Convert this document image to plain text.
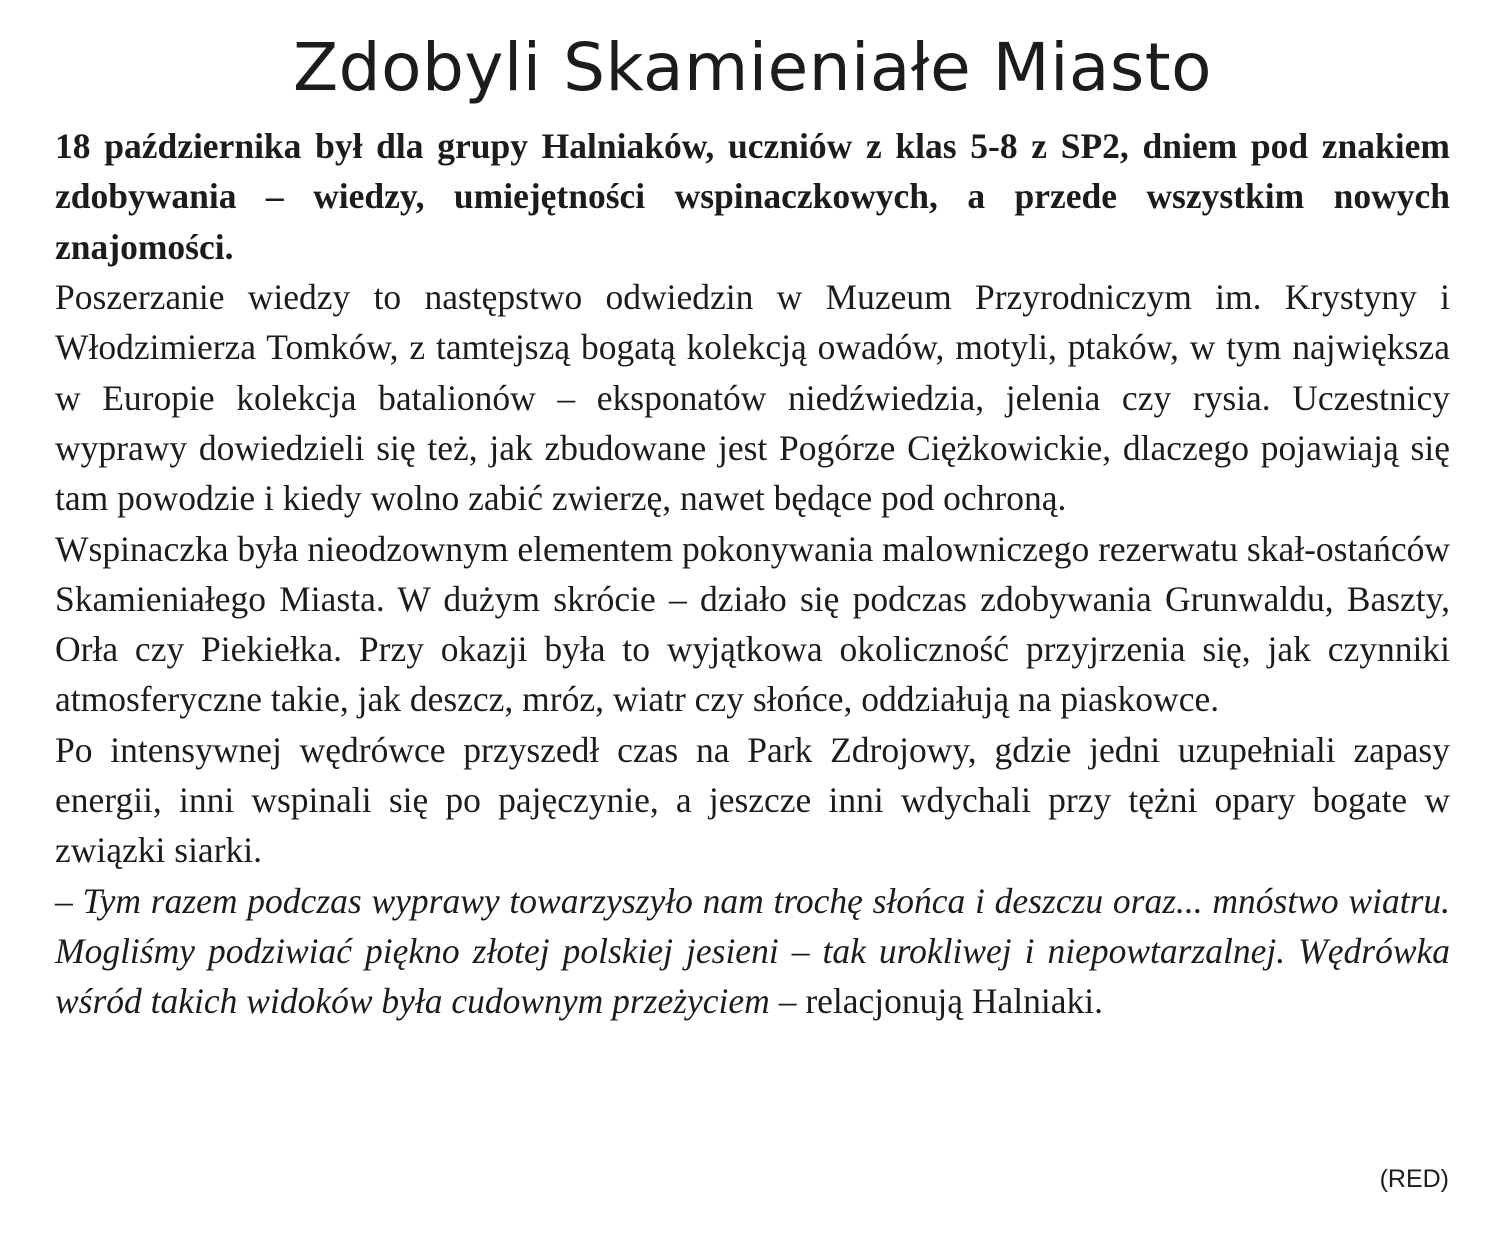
Zdobyli Skamieniałe Miasto

18 października był dla grupy Halniaków, uczniów z klas 5-8 z SP2, dniem pod znakiem zdobywania – wiedzy, umiejętności wspinaczkowych, a przede wszystkim nowych znajomości.

Poszerzanie wiedzy to następstwo odwiedzin w Muzeum Przyrodniczym im. Krystyny i Włodzimierza Tomków, z tamtejszą bogatą kolekcją owadów, motyli, ptaków, w tym największa w Europie kolekcja batalionów – eksponatów niedźwiedzia, jelenia czy rysia. Uczestnicy wyprawy dowiedzieli się też, jak zbudowane jest Pogórze Ciężkowickie, dlaczego pojawiają się tam powodzie i kiedy wolno zabić zwierzę, nawet będące pod ochroną.

Wspinaczka była nieodzownym elementem pokonywania malowniczego rezerwatu skał-ostańców Skamieniałego Miasta. W dużym skrócie – działo się podczas zdobywania Grunwaldu, Baszty, Orła czy Piekiełka. Przy okazji była to wyjątkowa okoliczność przyjrzenia się, jak czynniki atmosferyczne takie, jak deszcz, mróz, wiatr czy słońce, oddziałują na piaskowce.

Po intensywnej wędrówce przyszedł czas na Park Zdrojowy, gdzie jedni uzupełniali zapasy energii, inni wspinali się po pajęczynie, a jeszcze inni wdychali przy tężni opary bogate w związki siarki.

– Tym razem podczas wyprawy towarzyszyło nam trochę słońca i deszczu oraz... mnóstwo wiatru. Mogliśmy podziwiać piękno złotej polskiej jesieni – tak urokliwej i niepowtarzalnej. Wędrówka wśród takich widoków była cudownym przeżyciem – relacjonują Halniaki.

(RED)
